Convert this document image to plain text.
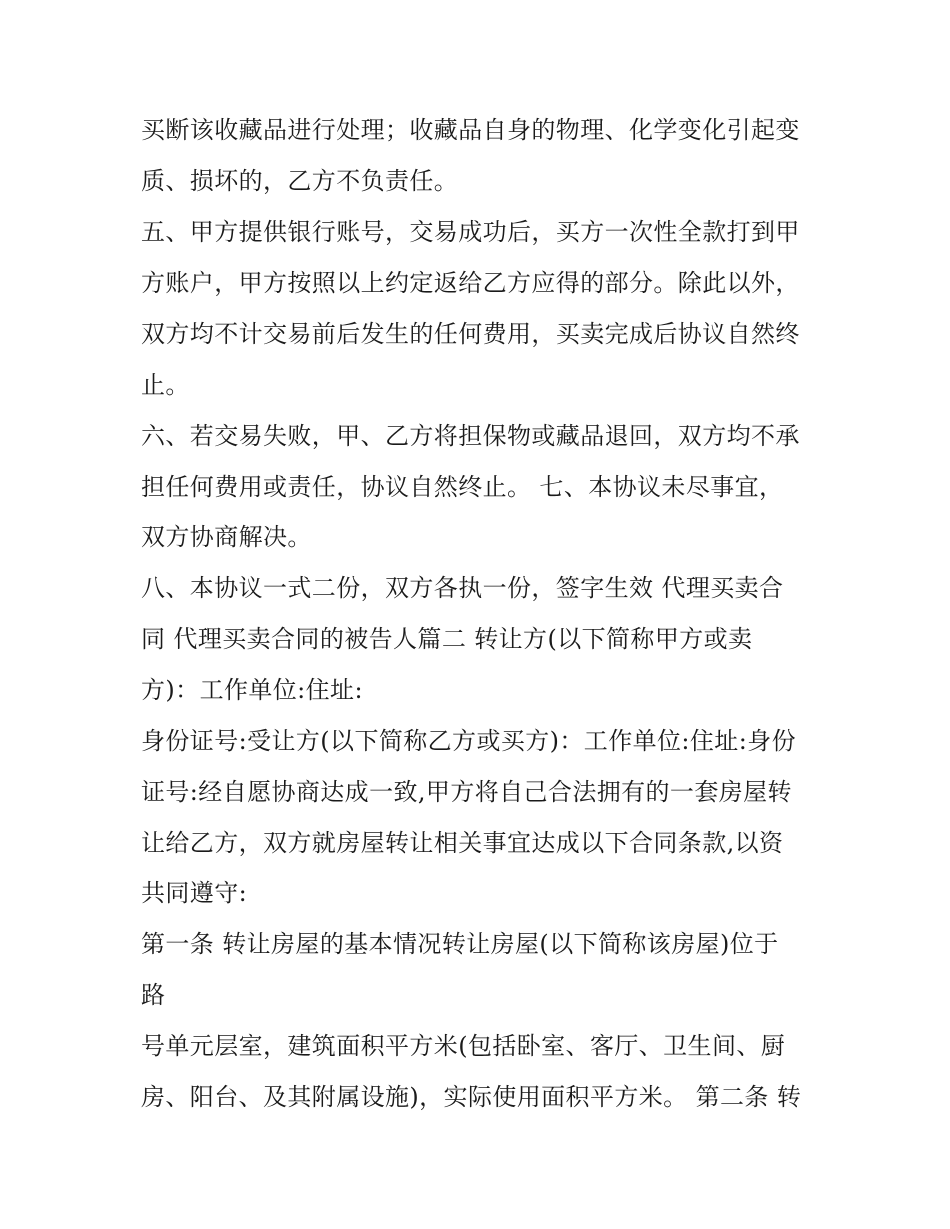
买断该收藏品进行处理；收藏品自身的物理、化学变化引起变
质、损坏的，乙方不负责任。
五、甲方提供银行账号，交易成功后，买方一次性全款打到甲
方账户，甲方按照以上约定返给乙方应得的部分。除此以外，
双方均不计交易前后发生的任何费用，买卖完成后协议自然终
止。
六、若交易失败，甲、乙方将担保物或藏品退回，双方均不承
担任何费用或责任，协议自然终止。 七、本协议未尽事宜，
双方协商解决。
八、本协议一式二份，双方各执一份，签字生效 代理买卖合
同 代理买卖合同的被告人篇二 转让方(以下简称甲方或卖
方)：工作单位:住址:
身份证号:受让方(以下简称乙方或买方)：工作单位:住址:身份
证号:经自愿协商达成一致,甲方将自己合法拥有的一套房屋转
让给乙方，双方就房屋转让相关事宜达成以下合同条款,以资
共同遵守:
第一条 转让房屋的基本情况转让房屋(以下简称该房屋)位于
路
号单元层室，建筑面积平方米(包括卧室、客厅、卫生间、厨
房、阳台、及其附属设施)，实际使用面积平方米。 第二条 转
